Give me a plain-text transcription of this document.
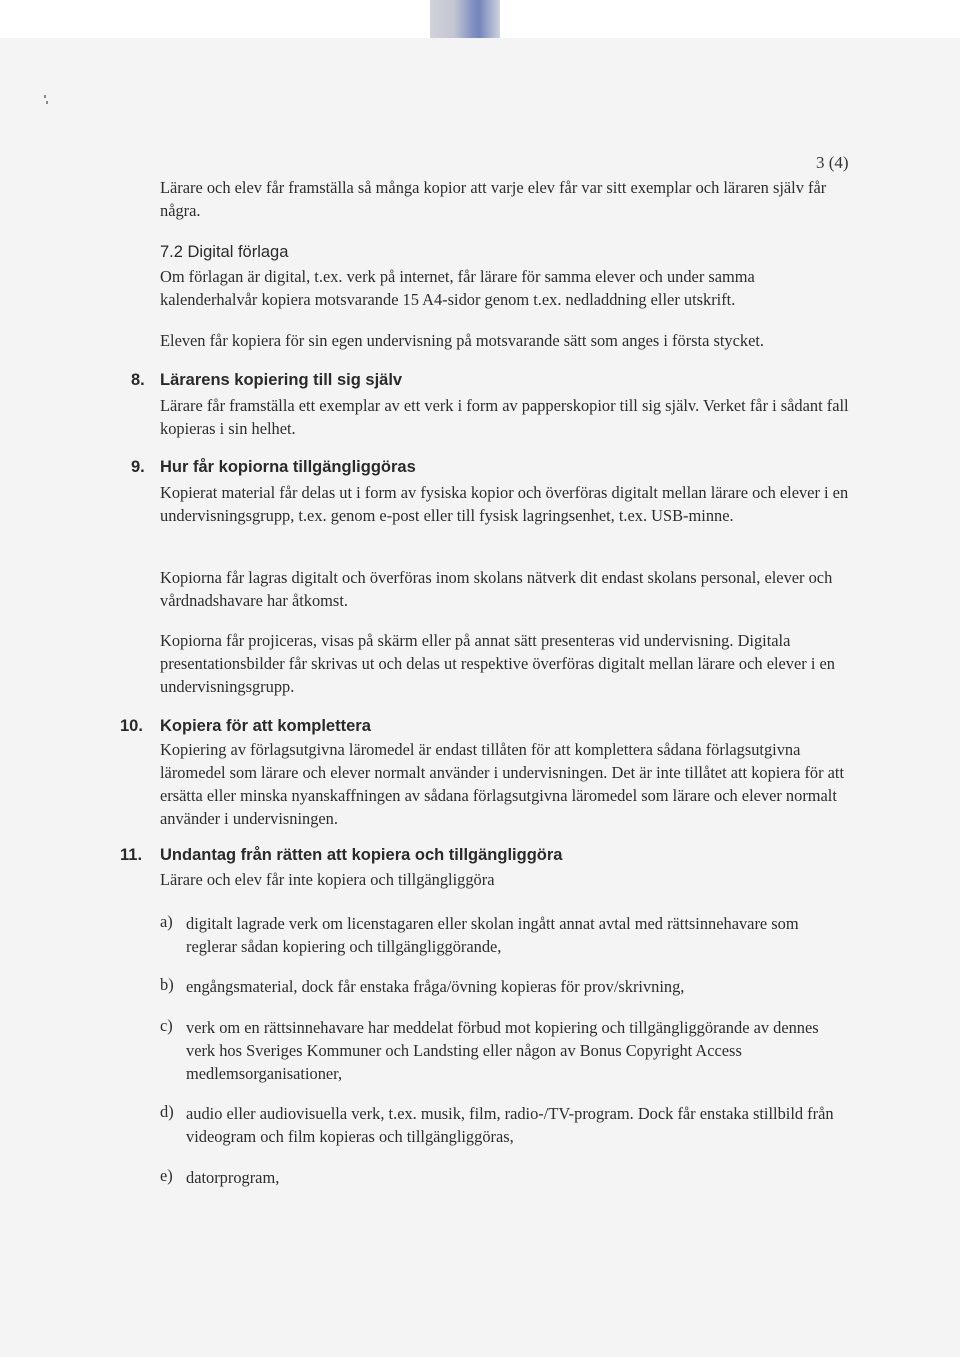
3 (4)

Lärare och elev får framställa så många kopior att varje elev får var sitt exemplar och läraren själv får några.

7.2 Digital förlaga

Om förlagan är digital, t.ex. verk på internet, får lärare för samma elever och under samma kalenderhalvår kopiera motsvarande 15 A4-sidor genom t.ex. nedladdning eller utskrift.

Eleven får kopiera för sin egen undervisning på motsvarande sätt som anges i första stycket.

8. Lärarens kopiering till sig själv

Lärare får framställa ett exemplar av ett verk i form av papperskopior till sig själv. Verket får i sådant fall kopieras i sin helhet.

9. Hur får kopiorna tillgängliggöras

Kopierat material får delas ut i form av fysiska kopior och överföras digitalt mellan lärare och elever i en undervisningsgrupp, t.ex. genom e-post eller till fysisk lagringsenhet, t.ex. USB-minne.

Kopiorna får lagras digitalt och överföras inom skolans nätverk dit endast skolans personal, elever och vårdnadshavare har åtkomst.

Kopiorna får projiceras, visas på skärm eller på annat sätt presenteras vid undervisning. Digitala presentationsbilder får skrivas ut och delas ut respektive överföras digitalt mellan lärare och elever i en undervisningsgrupp.

10. Kopiera för att komplettera

Kopiering av förlagsutgivna läromedel är endast tillåten för att komplettera sådana förlagsutgivna läromedel som lärare och elever normalt använder i undervisningen. Det är inte tillåtet att kopiera för att ersätta eller minska nyanskaffningen av sådana förlagsutgivna läromedel som lärare och elever normalt använder i undervisningen.

11. Undantag från rätten att kopiera och tillgängliggöra

Lärare och elev får inte kopiera och tillgängliggöra

a) digitalt lagrade verk om licenstagaren eller skolan ingått annat avtal med rättsinnehavare som reglerar sådan kopiering och tillgängliggörande,

b) engångsmaterial, dock får enstaka fråga/övning kopieras för prov/skrivning,

c) verk om en rättsinnehavare har meddelat förbud mot kopiering och tillgängliggörande av dennes verk hos Sveriges Kommuner och Landsting eller någon av Bonus Copyright Access medlemsorganisationer,

d) audio eller audiovisuella verk, t.ex. musik, film, radio-/TV-program. Dock får enstaka stillbild från videogram och film kopieras och tillgängliggöras,

e) datorprogram,
